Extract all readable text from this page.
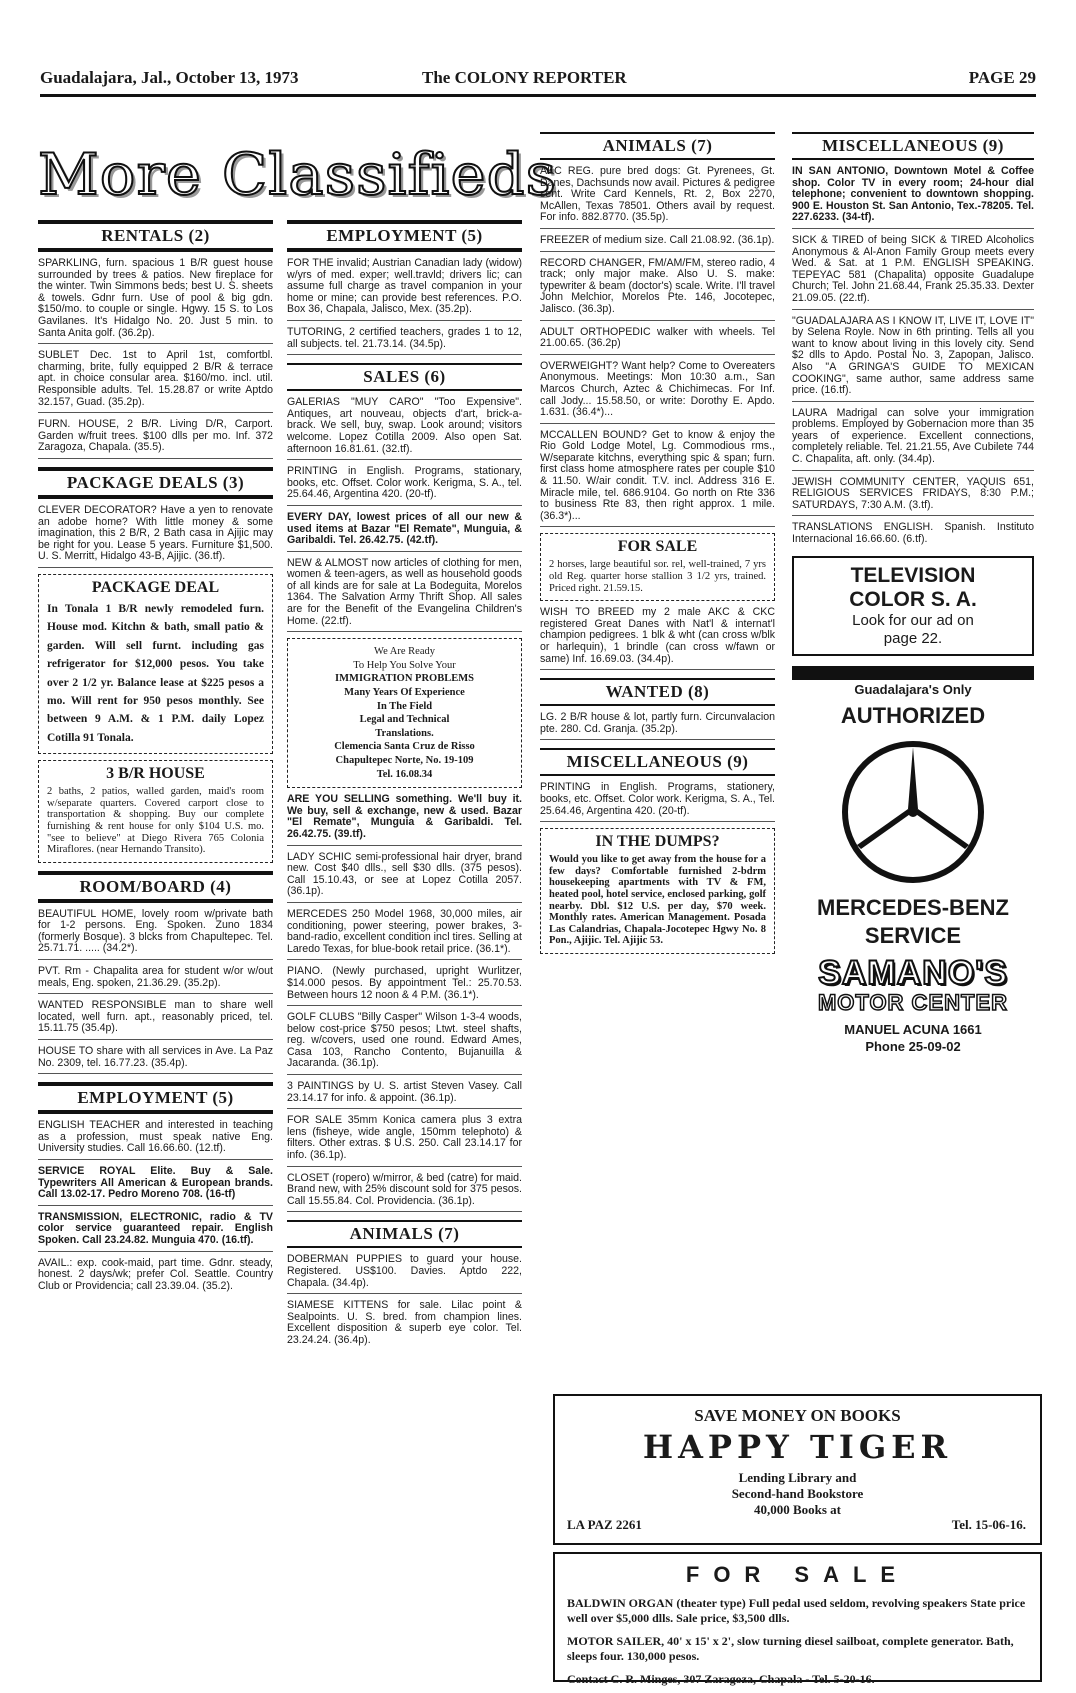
Guadalajara, Jal., October 13, 1973	The COLONY REPORTER	PAGE 29
More Classifieds
RENTALS (2)
SPARKLING, furn. spacious 1 B/R guest house surrounded by trees & patios. New fireplace for the winter. Twin Simmons beds; best U. S. sheets & towels. Gdnr furn. Use of pool & big gdn. $150/mo. to couple or single. Hgwy. 15 S. to Los Gavilanes. It's Hidalgo No. 20. Just 5 min. to Santa Anita golf. (36.2p).
SUBLET Dec. 1st to April 1st, comfortbl. charming, brite, fully equipped 2 B/R & terrace apt. in choice consular area. $160/mo. incl. util. Responsible adults. Tel. 15.28.87 or write Aptdo 32.157, Guad. (35.2p).
FURN. HOUSE, 2 B/R. Living D/R, Carport. Garden w/fruit trees. $100 dlls per mo. Inf. 372 Zaragoza, Chapala. (35.5).
PACKAGE DEALS (3)
CLEVER DECORATOR? Have a yen to renovate an adobe home? With little money & some imagination, this 2 B/R, 2 Bath casa in Ajijic may be right for you. Lease 5 years. Furniture $1,500. U. S. Merritt, Hidalgo 43-B, Ajijic. (36.tf).
PACKAGE DEAL
In Tonala 1 B/R newly remodeled furn. House mod. Kitchn & bath, small patio & garden. Will sell furnt. including gas refrigerator for $12,000 pesos. You take over 2 1/2 yr. Balance lease at $225 pesos a mo. Will rent for 950 pesos monthly. See between 9 A.M. & 1 P.M. daily Lopez Cotilla 91 Tonala.
3 B/R HOUSE
2 baths, 2 patios, walled garden, maid's room w/separate quarters. Covered carport close to transportation & shopping. Buy our complete furnishing & rent house for only $104 U.S. mo. "see to believe" at Diego Rivera 765 Colonia Miraflores. (near Hernando Transito).
ROOM/BOARD (4)
BEAUTIFUL HOME, lovely room w/private bath for 1-2 persons. Eng. Spoken. Zuno 1834 (formerly Bosque). 3 blcks from Chapultepec. Tel. 25.71.71. ..... (34.2*).
PVT. Rm - Chapalita area for student w/or w/out meals, Eng. spoken, 21.36.29. (35.2p).
WANTED RESPONSIBLE man to share well located, well furn. apt., reasonably priced, tel. 15.11.75 (35.4p).
HOUSE TO share with all services in Ave. La Paz No. 2309, tel. 16.77.23. (35.4p).
EMPLOYMENT (5)
ENGLISH TEACHER and interested in teaching as a profession, must speak native Eng. University studies. Call 16.66.60. (12.tf).
SERVICE ROYAL Elite. Buy & Sale. Typewriters All American & European brands. Call 13.02-17. Pedro Moreno 708. (16-tf)
TRANSMISSION, ELECTRONIC, radio & TV color service guaranteed repair. English Spoken. Call 23.24.82. Munguia 470. (16.tf).
AVAIL.: exp. cook-maid, part time. Gdnr. steady, honest. 2 days/wk; prefer Col. Seattle. Country Club or Providencia; call 23.39.04. (35.2).
EMPLOYMENT (5)
FOR THE invalid; Austrian Canadian lady (widow) w/yrs of med. exper; well.travld; drivers lic; can assume full charge as travel companion in your home or mine; can provide best references. P.O. Box 36, Chapala, Jalisco, Mex. (35.2p).
TUTORING, 2 certified teachers, grades 1 to 12, all subjects. tel. 21.73.14. (34.5p).
SALES (6)
GALERIAS "MUY CARO" "Too Expensive". Antiques, art nouveau, objects d'art, brick-a-brack. We sell, buy, swap. Look around; visitors welcome. Lopez Cotilla 2009. Also open Sat. afternoon 16.81.61. (32.tf).
PRINTING in English. Programs, stationary, books, etc. Offset. Color work. Kerigma, S. A., tel. 25.64.46, Argentina 420. (20-tf).
EVERY DAY, lowest prices of all our new & used items at Bazar "El Remate", Munguia, & Garibaldi. Tel. 26.42.75. (42.tf).
NEW & ALMOST now articles of clothing for men, women & teen-agers, as well as household goods of all kinds are for sale at La Bodeguita, Morelos 1364. The Salvation Army Thrift Shop. All sales are for the Benefit of the Evangelina Children's Home. (22.tf).
We Are Ready
To Help You Solve Your
IMMIGRATION PROBLEMS
Many Years Of Experience
In The Field
Legal and Technical
Translations.
Clemencia Santa Cruz de Risso
Chapultepec Norte, No. 19-109
Tel. 16.08.34
ARE YOU SELLING something. We'll buy it. We buy, sell & exchange, new & used. Bazar "El Remate", Munguia & Garibaldi. Tel. 26.42.75. (39.tf).
LADY SCHIC semi-professional hair dryer, brand new. Cost $40 dlls., sell $30 dlls. (375 pesos). Call 15.10.43, or see at Lopez Cotilla 2057. (36.1p).
MERCEDES 250 Model 1968, 30,000 miles, air conditioning, power steering, power brakes, 3-band-radio, excellent condition incl tires. Selling at Laredo Texas, for blue-book retail price. (36.1*).
PIANO. (Newly purchased, upright Wurlitzer, $14.000 pesos. By appointment Tel.: 25.70.53. Between hours 12 noon & 4 P.M. (36.1*).
GOLF CLUBS "Billy Casper" Wilson 1-3-4 woods, below cost-price $750 pesos; Ltwt. steel shafts, reg. w/covers, used one round. Edward Ames, Casa 103, Rancho Contento, Bujanuilla & Jacaranda. (36.1p).
3 PAINTINGS by U. S. artist Steven Vasey. Call 23.14.17 for info. & appoint. (36.1p).
FOR SALE 35mm Konica camera plus 3 extra lens (fisheye, wide angle, 150mm telephoto) & filters. Other extras. $ U.S. 250. Call 23.14.17 for info. (36.1p).
CLOSET (ropero) w/mirror, & bed (catre) for maid. Brand new, with 25% discount sold for 375 pesos. Call 15.55.84. Col. Providencia. (36.1p).
ANIMALS (7)
DOBERMAN PUPPIES to guard your house. Registered. US$100. Davies. Aptdo 222, Chapala. (34.4p).
SIAMESE KITTENS for sale. Lilac point & Sealpoints. U. S. bred. from champion lines. Excellent disposition & superb eye color. Tel. 23.24.24. (36.4p).
ANIMALS (7)
AKC REG. pure bred dogs: Gt. Pyrenees, Gt. Danes, Dachsunds now avail. Pictures & pedigree sent. Write Card Kennels, Rt. 2, Box 2270, McAllen, Texas 78501. Others avail by request. For info. 882.8770. (35.5p).
FREEZER of medium size. Call 21.08.92. (36.1p).
RECORD CHANGER, FM/AM/FM, stereo radio, 4 track; only major make. Also U. S. make: typewriter & beam (doctor's) scale. Write. I'll travel John Melchior, Morelos Pte. 146, Jocotepec, Jalisco. (36.3p).
ADULT ORTHOPEDIC walker with wheels. Tel 21.00.65. (36.2p)
OVERWEIGHT? Want help? Come to Overeaters Anonymous. Meetings: Mon 10:30 a.m., San Marcos Church, Aztec & Chichimecas. For Inf. call Jody... 15.58.50, or write: Dorothy E. Apdo. 1.631. (36.4*)...
MCCALLEN BOUND? Get to know & enjoy the Rio Gold Lodge Motel, Lg. Commodious rms., W/separate kitchns, everything spic & span; furn. first class home atmosphere rates per couple $10 & 11.50. W/air condit. T.V. incl. Address 316 E. Miracle mile, tel. 686.9104. Go north on Rte 336 to business Rte 83, then right approx. 1 mile. (36.3*)...
FOR SALE
2 horses, large beautiful sor. rel, well-trained, 7 yrs old Reg. quarter horse stallion 3 1/2 yrs, trained. Priced right. 21.59.15.
WISH TO BREED my 2 male AKC & CKC registered Great Danes with Nat'l & internat'l champion pedigrees. 1 blk & wht (can cross w/blk or harlequin), 1 brindle (can cross w/fawn or same) Inf. 16.69.03. (34.4p).
WANTED (8)
LG. 2 B/R house & lot, partly furn. Circunvalacion pte. 280. Cd. Granja. (35.2p).
MISCELLANEOUS (9)
PRINTING in English. Programs, stationery, books, etc. Offset. Color work. Kerigma, S. A., Tel. 25.64.46, Argentina 420. (20-tf).
IN THE DUMPS?
Would you like to get away from the house for a few days? Comfortable furnished 2-bdrm housekeeping apartments with TV & FM, heated pool, hotel service, enclosed parking, golf nearby. Dbl. $12 U.S. per day, $70 week. Monthly rates. American Management. Posada Las Calandrias, Chapala-Jocotepec Hgwy No. 8 Pon., Ajijic. Tel. Ajijic 53.
MISCELLANEOUS (9)
IN SAN ANTONIO, Downtown Motel & Coffee shop. Color TV in every room; 24-hour dial telephone; convenient to downtown shopping. 900 E. Houston St. San Antonio, Tex.-78205. Tel. 227.6233. (34-tf).
SICK & TIRED of being SICK & TIRED Alcoholics Anonymous & Al-Anon Family Group meets every Wed. & Sat. at 1 P.M. ENGLISH SPEAKING. TEPEYAC 581 (Chapalita) opposite Guadalupe Church; Tel. John 21.68.44, Frank 25.35.33. Dexter 21.09.05. (22.tf).
"GUADALAJARA AS I KNOW IT, LIVE IT, LOVE IT" by Selena Royle. Now in 6th printing. Tells all you want to know about living in this lovely city. Send $2 dlls to Apdo. Postal No. 3, Zapopan, Jalisco. Also "A GRINGA'S GUIDE TO MEXICAN COOKING", same author, same address same price. (16.tf).
LAURA Madrigal can solve your immigration problems. Employed by Gobernacion more than 35 years of experience. Excellent connections, completely reliable. Tel. 21.21.55, Ave Cubilete 744 C. Chapalita, aft. only. (34.4p).
JEWISH COMMUNITY CENTER, YAQUIS 651, RELIGIOUS SERVICES FRIDAYS, 8:30 P.M.; SATURDAYS, 7:30 A.M. (3.tf).
TRANSLATIONS ENGLISH. Spanish. Instituto Internacional 16.66.60. (6.tf).
TELEVISION
COLOR S. A.
Look for our ad on
page 22.
Guadalajara's Only
AUTHORIZED
MERCEDES-BENZ
SERVICE
SAMANO'S
MOTOR CENTER
MANUEL ACUNA 1661
Phone 25-09-02
SAVE MONEY ON BOOKS
HAPPY TIGER
Lending Library and
Second-hand Bookstore
40,000 Books at
LA PAZ 2261	Tel. 15-06-16.
FOR SALE
BALDWIN ORGAN (theater type) Full pedal used seldom, revolving speakers State price well over $5,000 dlls. Sale price, $3,500 dlls.
MOTOR SAILER, 40' x 15' x 2', slow turning diesel sailboat, complete generator. Bath, sleeps four. 130,000 pesos.
Contact C. R. Minges, 307 Zaragoza, Chapala - Tel. 5-20-16.
